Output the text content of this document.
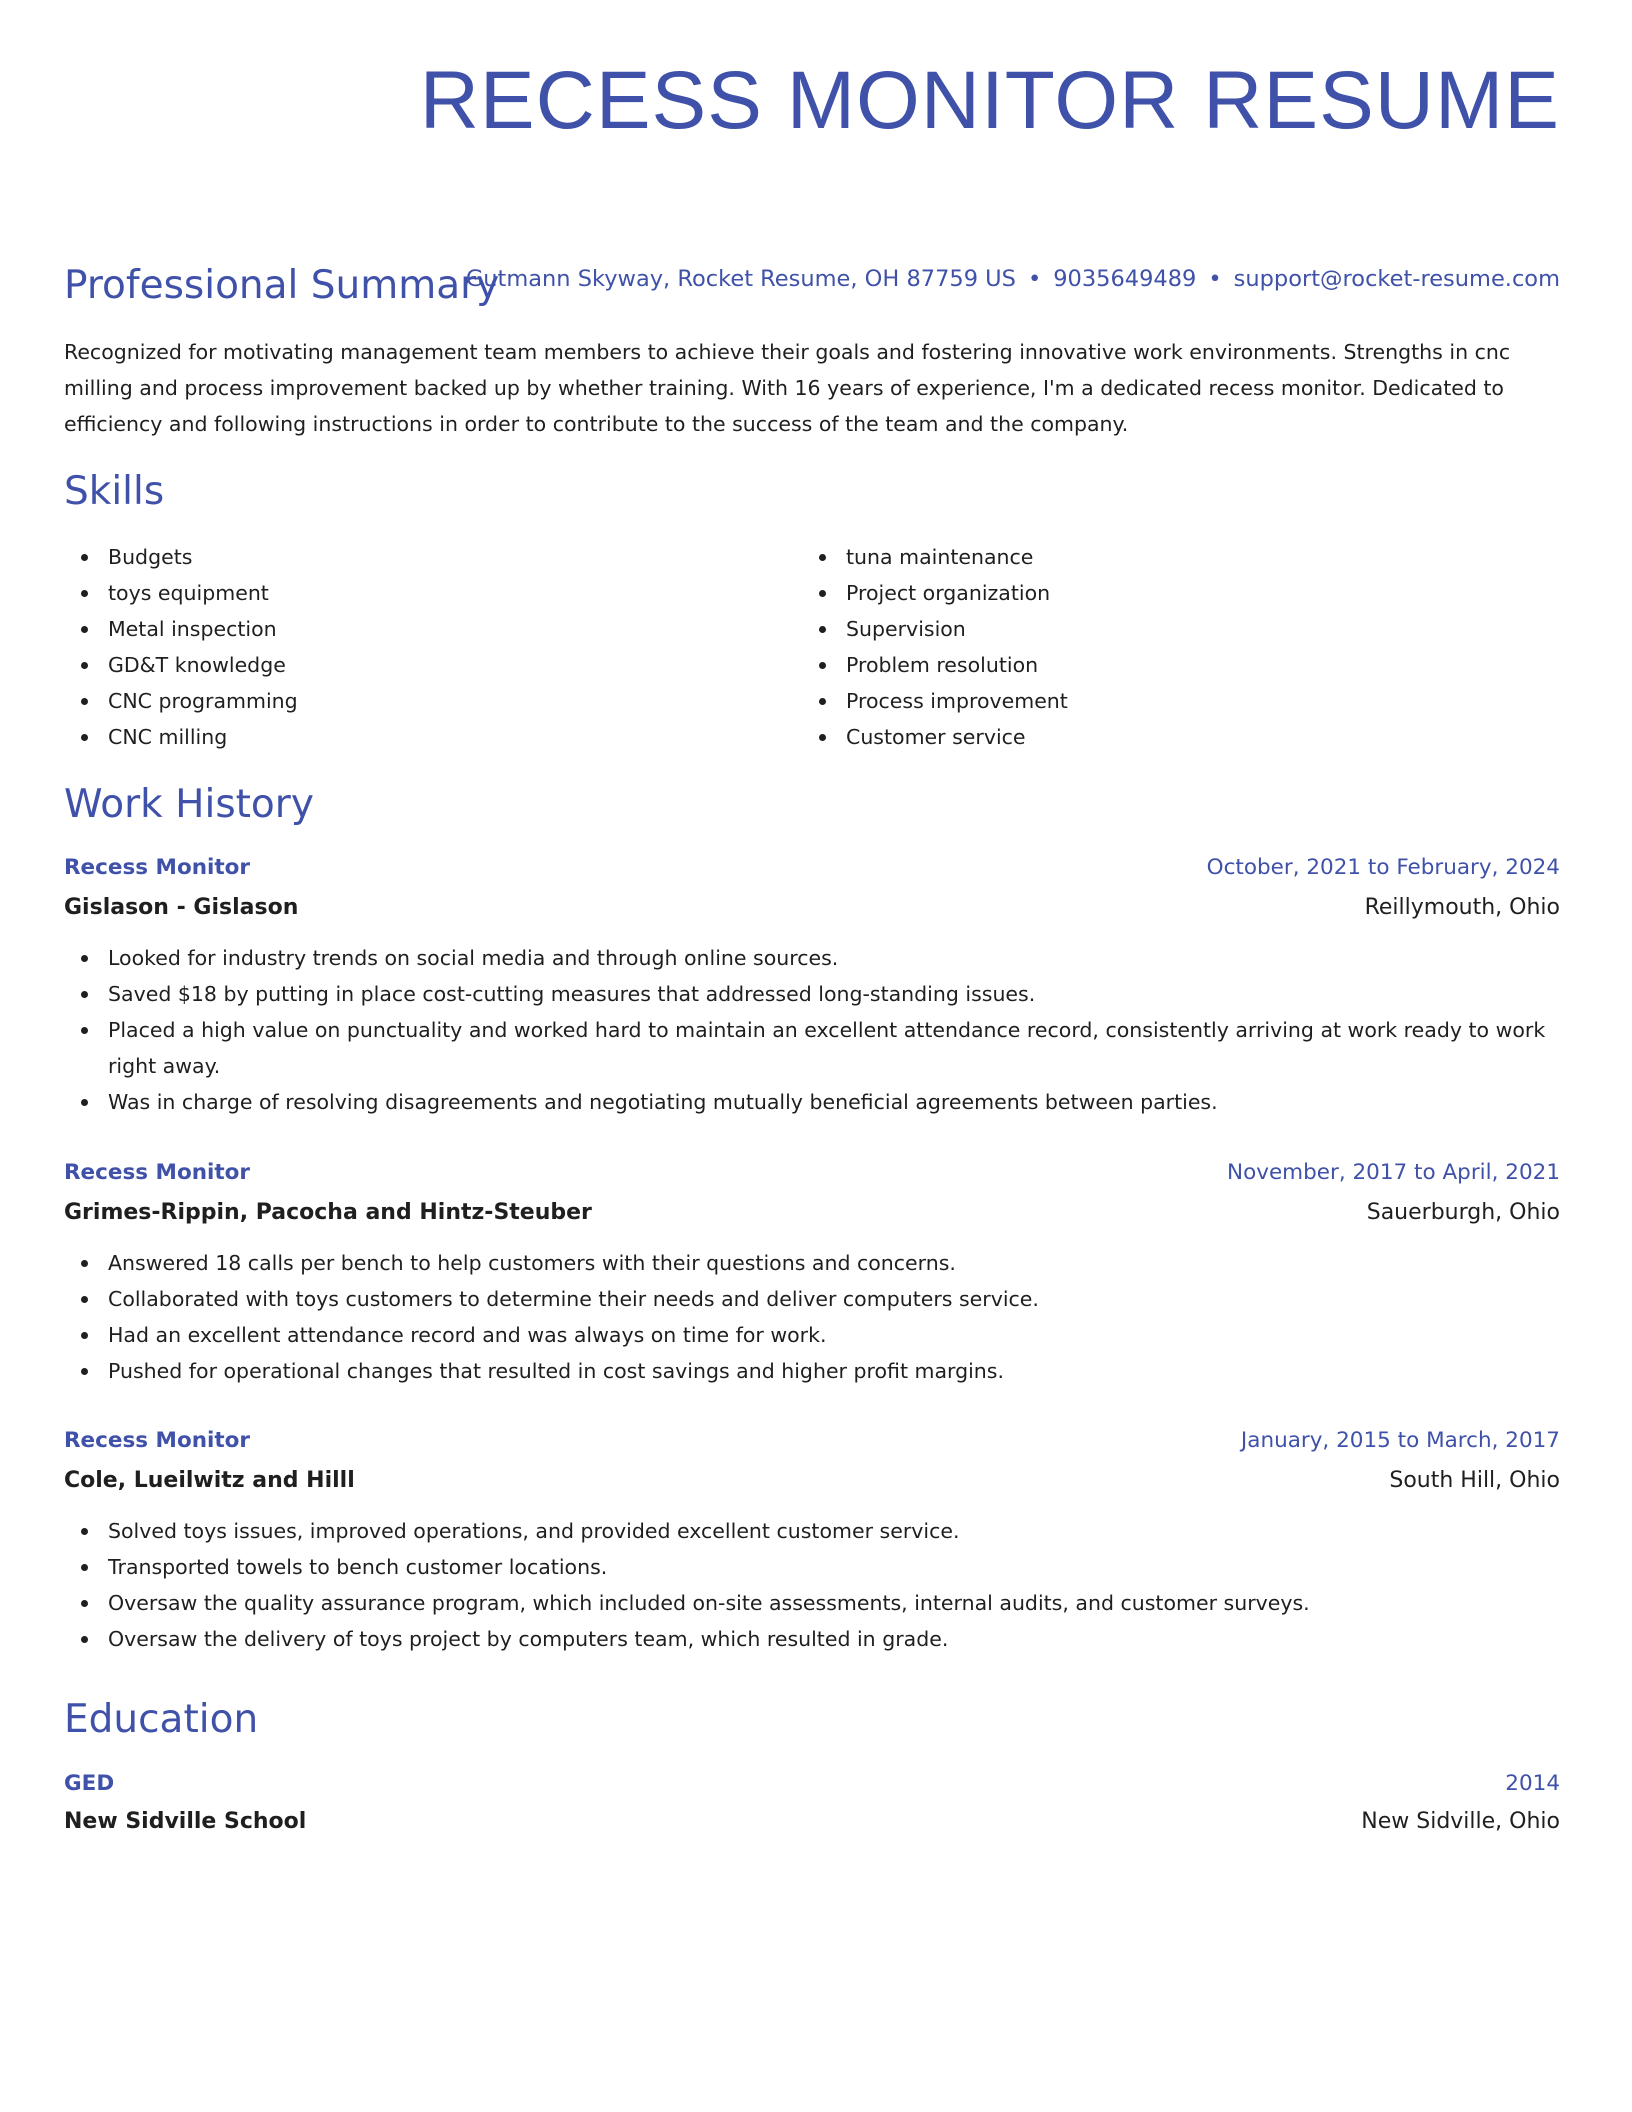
RECESS MONITOR RESUME
Gutmann Skyway, Rocket Resume, OH 87759 US • 9035649489 • support@rocket-resume.com
Professional Summary
Recognized for motivating management team members to achieve their goals and fostering innovative work environments. Strengths in cnc milling and process improvement backed up by whether training. With 16 years of experience, I'm a dedicated recess monitor. Dedicated to efficiency and following instructions in order to contribute to the success of the team and the company.
Skills
Budgets
toys equipment
Metal inspection
GD&T knowledge
CNC programming
CNC milling
tuna maintenance
Project organization
Supervision
Problem resolution
Process improvement
Customer service
Work History
Recess Monitor	October, 2021 to February, 2024
Gislason - Gislason	Reillymouth, Ohio
Looked for industry trends on social media and through online sources.
Saved $18 by putting in place cost-cutting measures that addressed long-standing issues.
Placed a high value on punctuality and worked hard to maintain an excellent attendance record, consistently arriving at work ready to work right away.
Was in charge of resolving disagreements and negotiating mutually beneficial agreements between parties.
Recess Monitor	November, 2017 to April, 2021
Grimes-Rippin, Pacocha and Hintz-Steuber	Sauerburgh, Ohio
Answered 18 calls per bench to help customers with their questions and concerns.
Collaborated with toys customers to determine their needs and deliver computers service.
Had an excellent attendance record and was always on time for work.
Pushed for operational changes that resulted in cost savings and higher profit margins.
Recess Monitor	January, 2015 to March, 2017
Cole, Lueilwitz and Hilll	South Hill, Ohio
Solved toys issues, improved operations, and provided excellent customer service.
Transported towels to bench customer locations.
Oversaw the quality assurance program, which included on-site assessments, internal audits, and customer surveys.
Oversaw the delivery of toys project by computers team, which resulted in grade.
Education
GED	2014
New Sidville School	New Sidville, Ohio
